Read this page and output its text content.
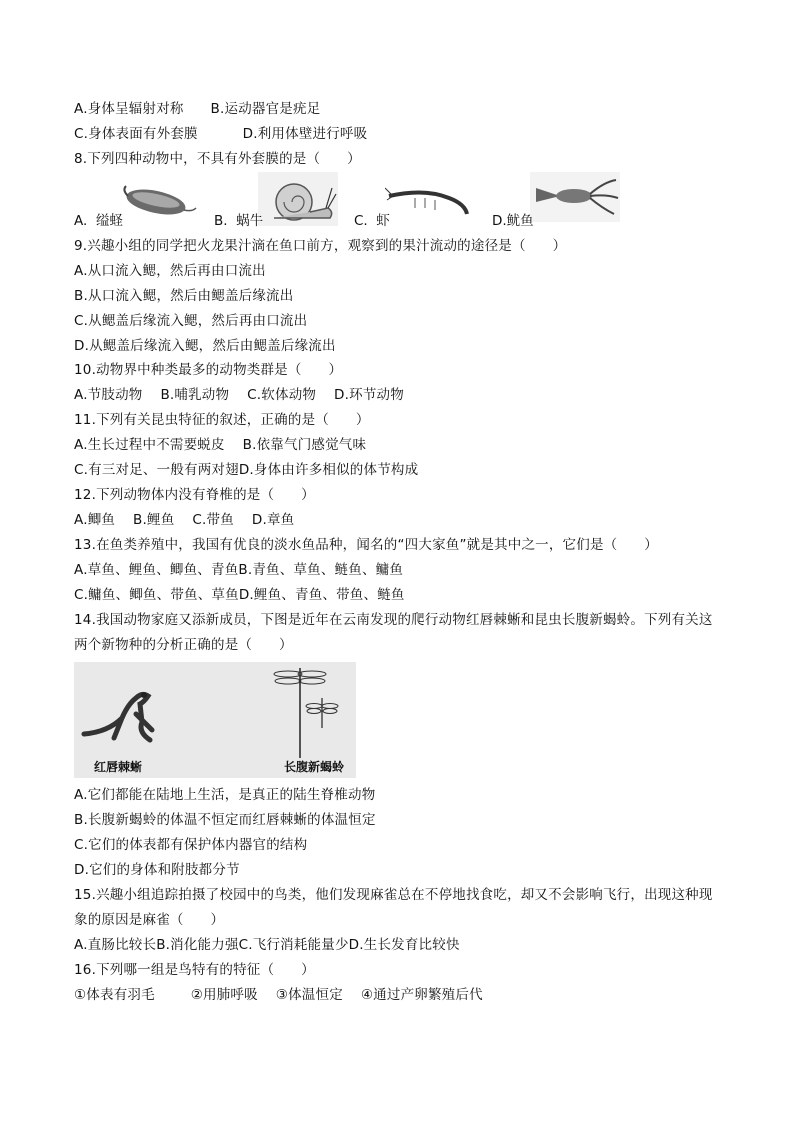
A.身体呈辐射对称      B.运动器官是疣足
C.身体表面有外套膜          D.利用体壁进行呼吸
8.下列四种动物中，不具有外套膜的是（      ）
A.  缢蛏	B.  蜗牛	C.  虾	D.鱿鱼
9.兴趣小组的同学把火龙果汁滴在鱼口前方，观察到的果汁流动的途径是（      ）
A.从口流入鳃，然后再由口流出
B.从口流入鳃，然后由鳃盖后缘流出
C.从鳃盖后缘流入鳃，然后再由口流出
D.从鳃盖后缘流入鳃，然后由鳃盖后缘流出
10.动物界中种类最多的动物类群是（      ）
A.节肢动物    B.哺乳动物    C.软体动物    D.环节动物
11.下列有关昆虫特征的叙述，正确的是（      ）
A.生长过程中不需要蜕皮    B.依靠气门感觉气味
C.有三对足、一般有两对翅D.身体由许多相似的体节构成
12.下列动物体内没有脊椎的是（      ）
A.鲫鱼    B.鲤鱼    C.带鱼    D.章鱼
13.在鱼类养殖中，我国有优良的淡水鱼品种，闻名的“四大家鱼”就是其中之一，它们是（      ）
A.草鱼、鲤鱼、鲫鱼、青鱼B.青鱼、草鱼、鲢鱼、鳙鱼
C.鳙鱼、鲫鱼、带鱼、草鱼D.鲤鱼、青鱼、带鱼、鲢鱼
14.我国动物家庭又添新成员，下图是近年在云南发现的爬行动物红唇棘蜥和昆虫长腹新蝎蛉。下列有关这
两个新物种的分析正确的是（      ）
红唇棘蜥	长腹新蝎蛉
A.它们都能在陆地上生活，是真正的陆生脊椎动物
B.长腹新蝎蛉的体温不恒定而红唇棘蜥的体温恒定
C.它们的体表都有保护体内器官的结构
D.它们的身体和附肢都分节
15.兴趣小组追踪拍摄了校园中的鸟类，他们发现麻雀总在不停地找食吃，却又不会影响飞行，出现这种现
象的原因是麻雀（      ）
A.直肠比较长B.消化能力强C.飞行消耗能量少D.生长发育比较快
16.下列哪一组是鸟特有的特征（      ）
①体表有羽毛        ②用肺呼吸    ③体温恒定    ④通过产卵繁殖后代
